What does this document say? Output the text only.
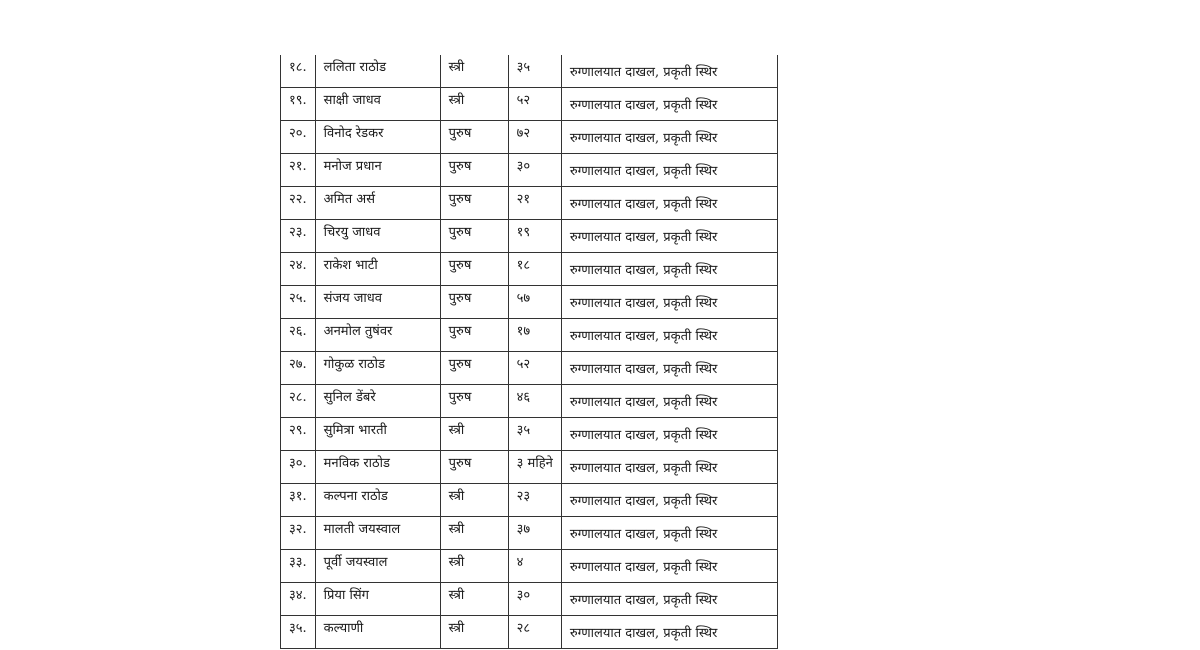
१८.	ललिता राठोड	स्त्री	३५	रुग्णालयात दाखल, प्रकृती स्थिर
१९.	साक्षी जाधव	स्त्री	५२	रुग्णालयात दाखल, प्रकृती स्थिर
२०.	विनोद रेडकर	पुरुष	७२	रुग्णालयात दाखल, प्रकृती स्थिर
२१.	मनोज प्रधान	पुरुष	३०	रुग्णालयात दाखल, प्रकृती स्थिर
२२.	अमित अर्स	पुरुष	२१	रुग्णालयात दाखल, प्रकृती स्थिर
२३.	चिरयु जाधव	पुरुष	१९	रुग्णालयात दाखल, प्रकृती स्थिर
२४.	राकेश भाटी	पुरुष	१८	रुग्णालयात दाखल, प्रकृती स्थिर
२५.	संजय जाधव	पुरुष	५७	रुग्णालयात दाखल, प्रकृती स्थिर
२६.	अनमोल तुषंवर	पुरुष	१७	रुग्णालयात दाखल, प्रकृती स्थिर
२७.	गोकुळ राठोड	पुरुष	५२	रुग्णालयात दाखल, प्रकृती स्थिर
२८.	सुनिल डेंबरे	पुरुष	४६	रुग्णालयात दाखल, प्रकृती स्थिर
२९.	सुमित्रा भारती	स्त्री	३५	रुग्णालयात दाखल, प्रकृती स्थिर
३०.	मनविक राठोड	पुरुष	३ महिने	रुग्णालयात दाखल, प्रकृती स्थिर
३१.	कल्पना राठोड	स्त्री	२३	रुग्णालयात दाखल, प्रकृती स्थिर
३२.	मालती जयस्वाल	स्त्री	३७	रुग्णालयात दाखल, प्रकृती स्थिर
३३.	पूर्वी जयस्वाल	स्त्री	४	रुग्णालयात दाखल, प्रकृती स्थिर
३४.	प्रिया सिंग	स्त्री	३०	रुग्णालयात दाखल, प्रकृती स्थिर
३५.	कल्याणी	स्त्री	२८	रुग्णालयात दाखल, प्रकृती स्थिर
